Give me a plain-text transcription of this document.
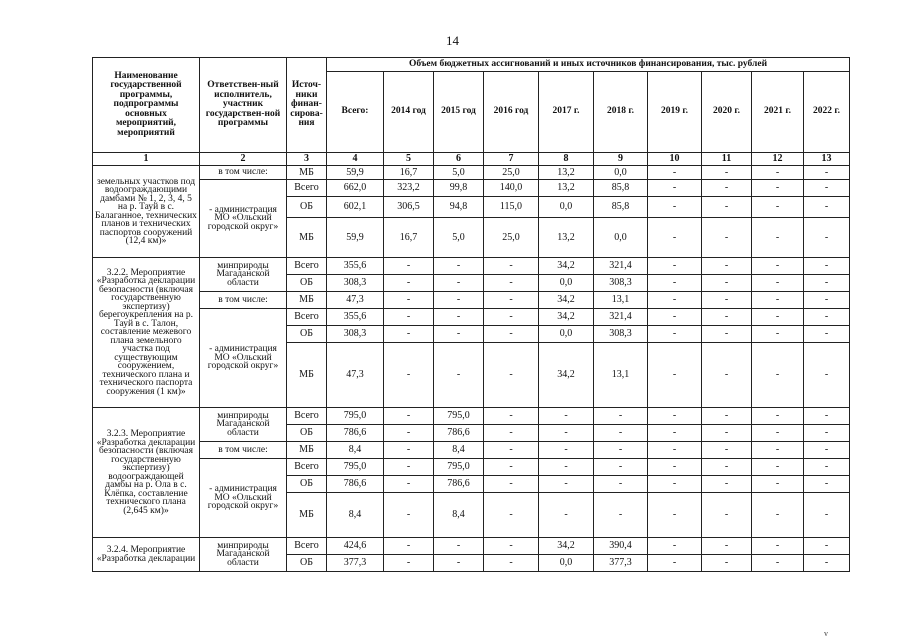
14
Наименование государственной программы, подпрограммы основных мероприятий, мероприятий	Ответствен-ный исполнитель, участник государствен-ной программы	Источ-ники финан-сирова-ния	Объем бюджетных ассигнований и иных источников финансирования, тыс. рублей									
			Всего:	2014 год	2015 год	2016 год	2017 г.	2018 г.	2019 г.	2020 г.	2021 г.	2022 г.
1	2	3	4	5	6	7	8	9	10	11	12	13
земельных участков под водоограждающими дамбами № 1, 2, 3, 4, 5 на р. Тауй в с. Балаганное, технических планов и технических паспортов сооружений (12,4 км)»	в том числе:	МБ	59,9	16,7	5,0	25,0	13,2	0,0	-	-	-	-
	- администрация МО «Ольский городской округ»	Всего	662,0	323,2	99,8	140,0	13,2	85,8	-	-	-	-
		ОБ	602,1	306,5	94,8	115,0	0,0	85,8	-	-	-	-
		МБ	59,9	16,7	5,0	25,0	13,2	0,0	-	-	-	-
3.2.2. Мероприятие «Разработка декларации безопасности (включая государственную экспертизу) берегоукрепления на р. Тауй в с. Талон, составление межевого плана земельного участка под существующим сооружением, технического плана и технического паспорта сооружения (1 км)»	минприроды Магаданской области	Всего	355,6	-	-	-	34,2	321,4	-	-	-	-
		ОБ	308,3	-	-	-	0,0	308,3	-	-	-	-
	в том числе:	МБ	47,3	-	-	-	34,2	13,1	-	-	-	-
	- администрация МО «Ольский городской округ»	Всего	355,6	-	-	-	34,2	321,4	-	-	-	-
		ОБ	308,3	-	-	-	0,0	308,3	-	-	-	-
		МБ	47,3	-	-	-	34,2	13,1	-	-	-	-
3.2.3. Мероприятие «Разработка декларации безопасности (включая государственную экспертизу) водоограждающей дамбы на р. Ола в с. Клёпка, составление технического плана (2,645 км)»	минприроды Магаданской области	Всего	795,0	-	795,0	-	-	-	-	-	-	-
		ОБ	786,6	-	786,6	-	-	-	-	-	-	-
	в том числе:	МБ	8,4	-	8,4	-	-	-	-	-	-	-
	- администрация МО «Ольский городской округ»	Всего	795,0	-	795,0	-	-	-	-	-	-	-
		ОБ	786,6	-	786,6	-	-	-	-	-	-	-
		МБ	8,4	-	8,4	-	-	-	-	-	-	-
3.2.4. Мероприятие «Разработка декларации	минприроды Магаданской области	Всего	424,6	-	-	-	34,2	390,4	-	-	-	-
		ОБ	377,3	-	-	-	0,0	377,3	-	-	-	-
v
